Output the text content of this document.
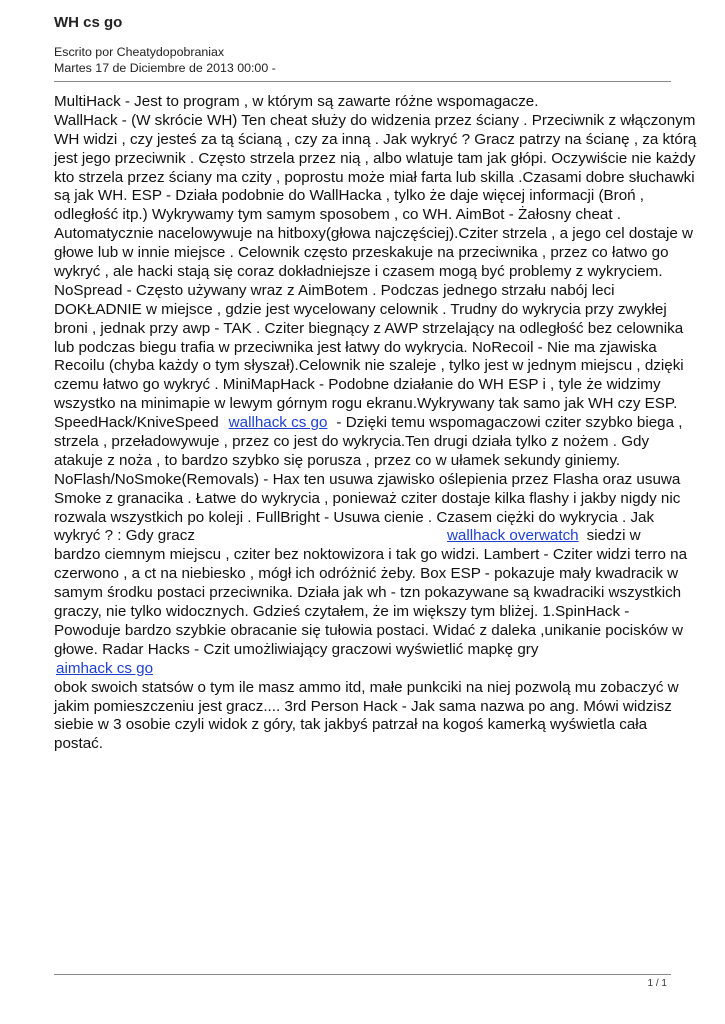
WH cs go
Escrito por Cheatydopobraniax
Martes 17 de Diciembre de 2013 00:00 -
MultiHack - Jest to program , w którym są zawarte różne wspomagacze.
WallHack - (W skrócie WH) Ten cheat służy do widzenia przez ściany . Przeciwnik z włączonym
WH widzi , czy jesteś za tą ścianą , czy za inną . Jak wykryć ? Gracz patrzy na ścianę , za którą
jest jego przeciwnik . Często strzela przez nią , albo wlatuje tam jak głópi. Oczywiście nie każdy
kto strzela przez ściany ma czity , poprostu może miał farta lub skilla .Czasami dobre słuchawki
są jak WH. ESP - Działa podobnie do WallHacka , tylko że daje więcej informacji (Broń ,
odległość itp.) Wykrywamy tym samym sposobem , co WH. AimBot - Żałosny cheat .
Automatycznie nacelowywuje na hitboxy(głowa najczęściej).Cziter strzela , a jego cel dostaje w
głowe lub w innie miejsce . Celownik często przeskakuje na przeciwnika , przez co łatwo go
wykryć , ale hacki stają się coraz dokładniejsze i czasem mogą być problemy z wykryciem.
NoSpread - Często używany wraz z AimBotem . Podczas jednego strzału nabój leci
DOKŁADNIE w miejsce , gdzie jest wycelowany celownik . Trudny do wykrycia przy zwykłej
broni , jednak przy awp - TAK . Cziter biegnący z AWP strzelający na odległość bez celownika
lub podczas biegu trafia w przeciwnika jest łatwy do wykrycia. NoRecoil - Nie ma zjawiska
Recoilu (chyba każdy o tym słyszał).Celownik nie szaleje , tylko jest w jednym miejscu , dzięki
czemu łatwo go wykryć . MiniMapHack - Podobne działanie do WH ESP i , tyle że widzimy
wszystko na minimapie w lewym górnym rogu ekranu.Wykrywany tak samo jak WH czy ESP.
SpeedHack/KniveSpeed wallhack cs go - Dzięki temu wspomagaczowi cziter szybko biega ,
strzela , przeładowywuje , przez co jest do wykrycia.Ten drugi działa tylko z nożem . Gdy
atakuje z noża , to bardzo szybko się porusza , przez co w ułamek sekundy giniemy.
NoFlash/NoSmoke(Removals) - Hax ten usuwa zjawisko oślepienia przez Flasha oraz usuwa
Smoke z granacika . Łatwe do wykrycia , ponieważ cziter dostaje kilka flashy i jakby nigdy nic
rozwala wszystkich po koleji . FullBright - Usuwa cienie . Czasem ciężki do wykrycia . Jak
wykryć ? : Gdy gracz	wallhack overwatch siedzi w
bardzo ciemnym miejscu , cziter bez noktowizora i tak go widzi. Lambert - Cziter widzi terro na
czerwono , a ct na niebiesko , mógł ich odróżnić żeby. Box ESP - pokazuje mały kwadracik w
samym środku postaci przeciwnika. Działa jak wh - tzn pokazywane są kwadraciki wszystkich
graczy, nie tylko widocznych. Gdzieś czytałem, że im większy tym bliżej. 1.SpinHack -
Powoduje bardzo szybkie obracanie się tułowia postaci. Widać z daleka ,unikanie pocisków w
głowe. Radar Hacks - Czit umożliwiający graczowi wyświetlić mapkę gry
aimhack cs go
obok swoich statsów o tym ile masz ammo itd, małe punkciki na niej pozwolą mu zobaczyć w
jakim pomieszczeniu jest gracz.... 3rd Person Hack - Jak sama nazwa po ang. Mówi widzisz
siebie w 3 osobie czyli widok z góry, tak jakbyś patrzał na kogoś kamerką wyświetla cała
postać.
1 / 1
